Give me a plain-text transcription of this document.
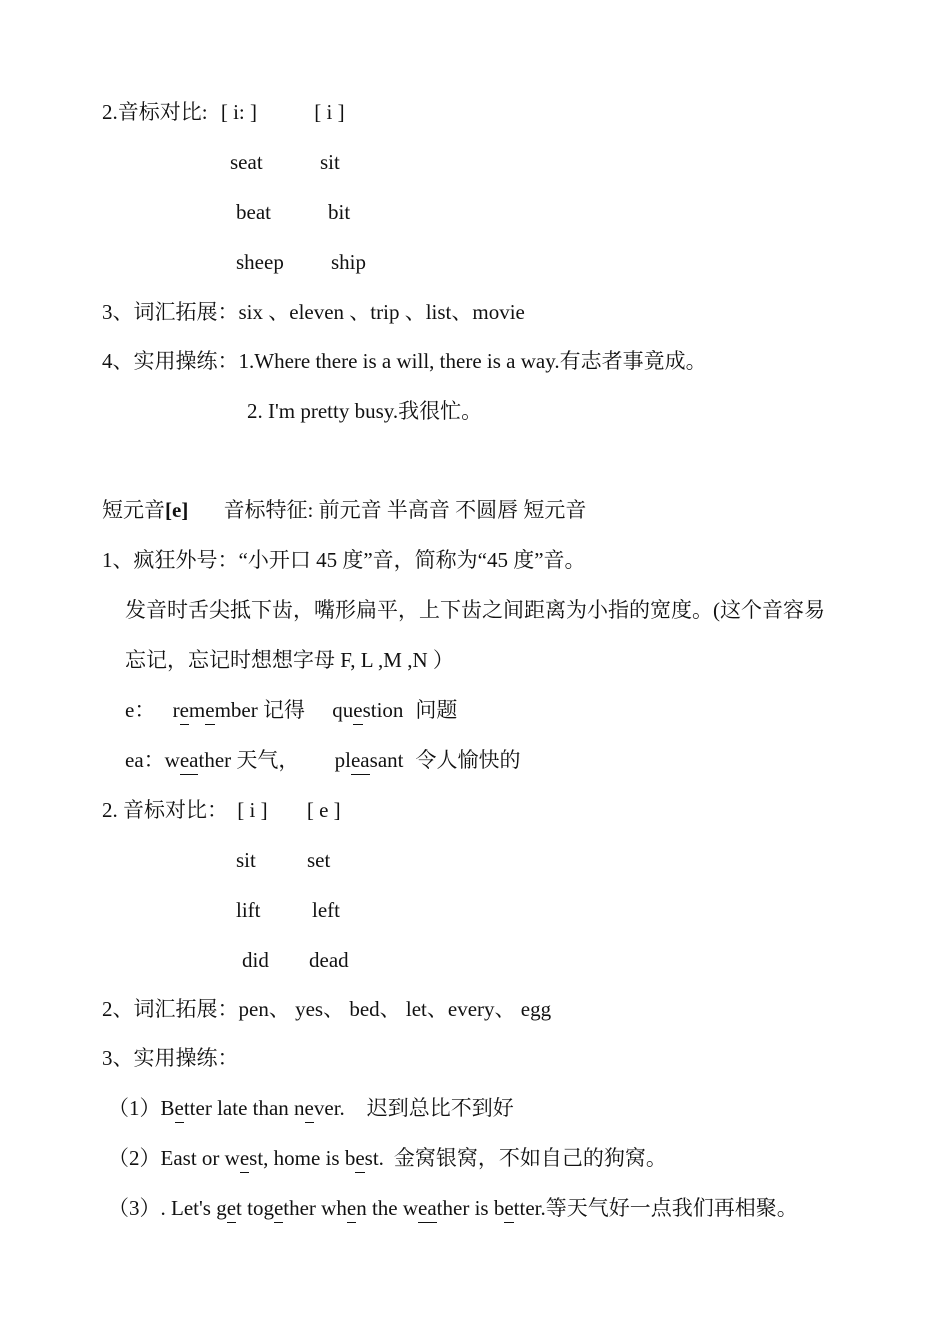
2.音标对比: [ i: ]	[ i ]
seat	sit
beat	bit
sheep ship
3、词汇拓展：six 、eleven 、trip 、list、movie
4、实用操练：1.Where there is a will, there is a way.有志者事竟成。
2. I'm pretty busy.我很忙。
短元音[e] 音标特征: 前元音 半高音 不圆唇 短元音
1、疯狂外号：“小开口 45 度”音，简称为“45 度”音。
发音时舌尖抵下齿，嘴形扁平，上下齿之间距离为小指的宽度。(这个音容易
忘记，忘记时想想字母 F, L ,M ,N ）
e： remember 记得 question 问题
ea：weather 天气， pleasant 令人愉快的
2. 音标对比： [ i ] [ e ]
sit set
lift left
did dead
2、词汇拓展：pen、 yes、 bed、 let、every、 egg
3、实用操练：
（1）Better late than never. 迟到总比不到好
（2）East or west, home is best. 金窝银窝，不如自己的狗窝。
（3）. Let's get together when the weather is better.等天气好一点我们再相聚。
